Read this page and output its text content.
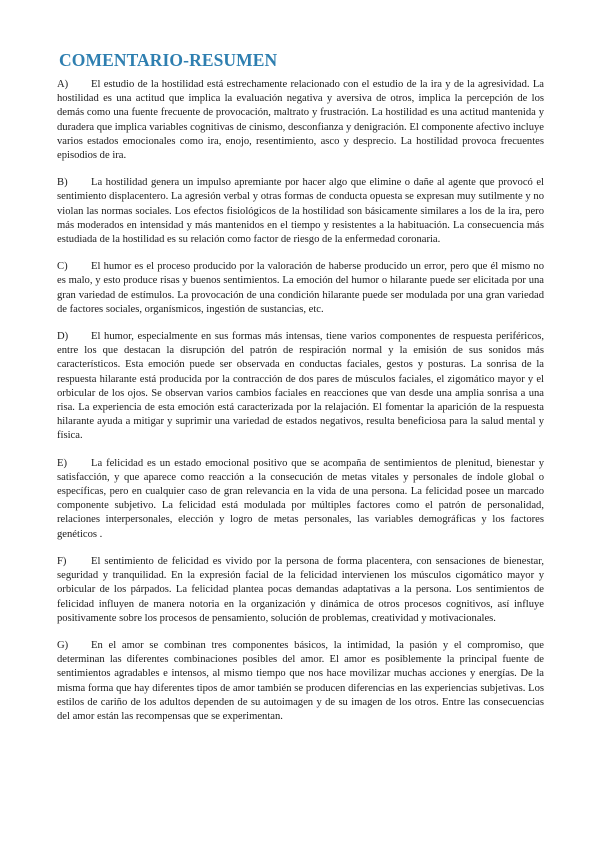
COMENTARIO-RESUMEN

A) El estudio de la hostilidad está estrechamente relacionado con el estudio de la ira y de la agresividad. La hostilidad es una actitud que implica la evaluación negativa y aversiva de otros, implica la percepción de los demás como una fuente frecuente de provocación, maltrato y frustración. La hostilidad es una actitud mantenida y duradera que implica variables cognitivas de cinismo, desconfianza y denigración. El componente afectivo incluye varios estados emocionales como ira, enojo, resentimiento, asco y desprecio. La hostilidad provoca frecuentes episodios de ira.

B) La hostilidad genera un impulso apremiante por hacer algo que elimine o dañe al agente que provocó el sentimiento displacentero. La agresión verbal y otras formas de conducta opuesta se expresan muy sutilmente y no violan las normas sociales. Los efectos fisiológicos de la hostilidad son básicamente similares a los de la ira, pero más moderados en intensidad y más mantenidos en el tiempo y resistentes a la habituación. La consecuencia más estudiada de la hostilidad es su relación como factor de riesgo de la enfermedad coronaria.

C) El humor es el proceso producido por la valoración de haberse producido un error, pero que él mismo no es malo, y esto produce risas y buenos sentimientos. La emoción del humor o hilarante puede ser elicitada por una gran variedad de estímulos. La provocación de una condición hilarante puede ser modulada por una gran variedad de factores sociales, organísmicos, ingestión de sustancias, etc.

D) El humor, especialmente en sus formas más intensas, tiene varios componentes de respuesta periféricos, entre los que destacan la disrupción del patrón de respiración normal y la emisión de sus sonidos más característicos. Esta emoción puede ser observada en conductas faciales, gestos y posturas. La sonrisa de la respuesta hilarante está producida por la contracción de dos pares de músculos faciales, el zigomático mayor y el orbicular de los ojos. Se observan varios cambios faciales en reacciones que van desde una amplia sonrisa a una risa. La experiencia de esta emoción está caracterizada por la relajación. El fomentar la aparición de la respuesta hilarante ayuda a mitigar y suprimir una variedad de estados negativos, resulta beneficiosa para la salud mental y física.

E) La felicidad es un estado emocional positivo que se acompaña de sentimientos de plenitud, bienestar y satisfacción, y que aparece como reacción a la consecución de metas vitales y personales de índole global o específicas, pero en cualquier caso de gran relevancia en la vida de una persona. La felicidad posee un marcado componente subjetivo. La felicidad está modulada por múltiples factores como el patrón de personalidad, relaciones interpersonales, elección y logro de metas personales, las variables demográficas y los factores genéticos .

F) El sentimiento de felicidad es vivido por la persona de forma placentera, con sensaciones de bienestar, seguridad y tranquilidad. En la expresión facial de la felicidad intervienen los músculos cigomático mayor y orbicular de los párpados. La felicidad plantea pocas demandas adaptativas a la persona. Los sentimientos de felicidad influyen de manera notoria en la organización y dinámica de otros procesos cognitivos, así influye positivamente sobre los procesos de pensamiento, solución de problemas, creatividad y motivacionales.

G) En el amor se combinan tres componentes básicos, la intimidad, la pasión y el compromiso, que determinan las diferentes combinaciones posibles del amor. El amor es posiblemente la principal fuente de sentimientos agradables e intensos, al mismo tiempo que nos hace movilizar muchas acciones y energías. De la misma forma que hay diferentes tipos de amor también se producen diferencias en las experiencias subjetivas. Los estilos de cariño de los adultos dependen de su autoimagen y de su imagen de los otros. Entre las consecuencias del amor están las recompensas que se experimentan.
